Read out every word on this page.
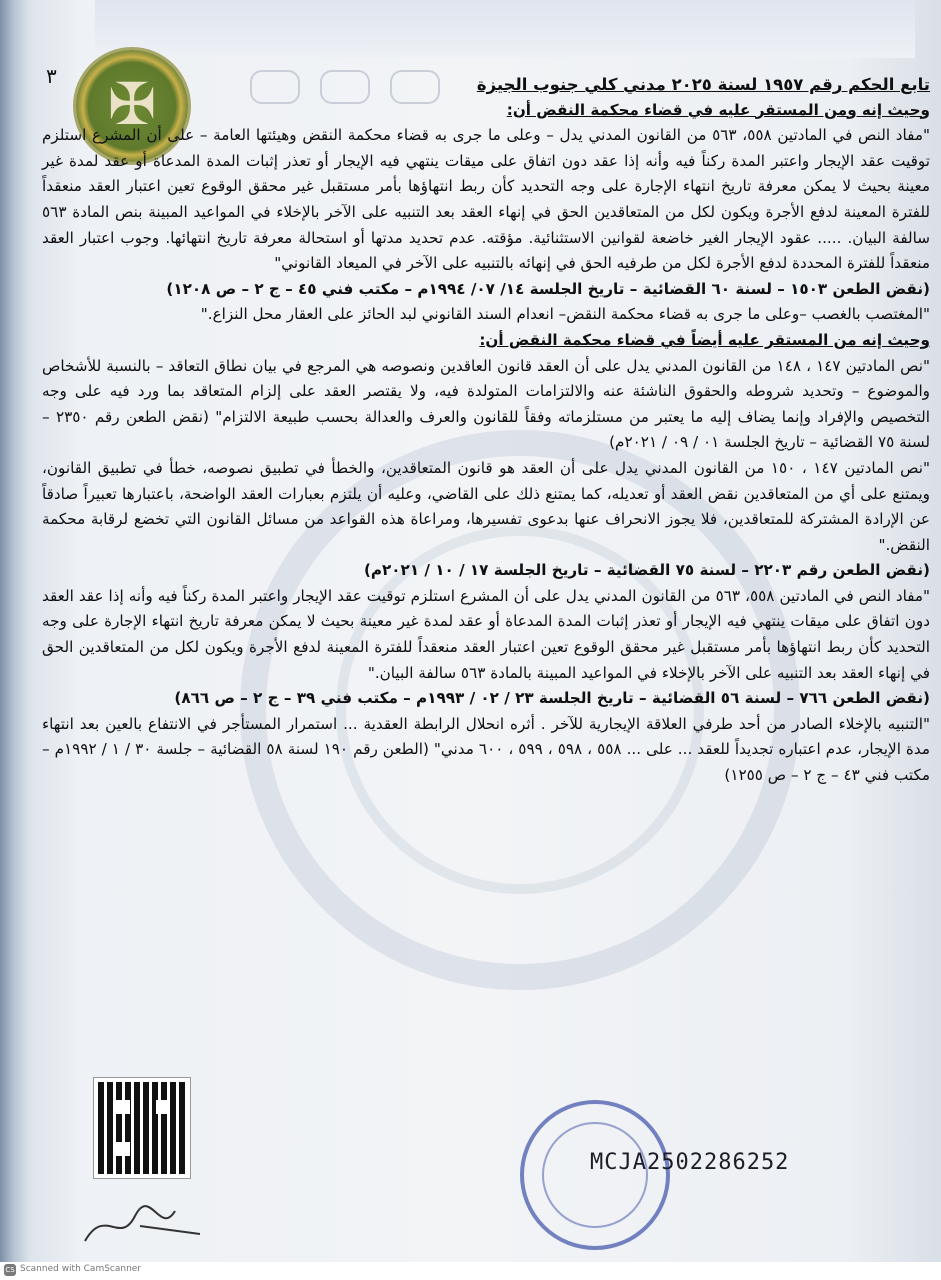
✠
٣	تابع الحكم رقم ١٩٥٧ لسنة ٢٠٢٥ مدني كلي جنوب الجيزة

وحيث إنه ومن المستقر عليه في قضاء محكمة النقض أن:

"مفاد النص في المادتين ٥٥٨، ٥٦٣ من القانون المدني يدل – وعلى ما جرى به قضاء محكمة النقض وهيئتها العامة – على أن المشرع استلزم توقيت عقد الإيجار واعتبر المدة ركناً فيه وأنه إذا عقد دون اتفاق على ميقات ينتهي فيه الإيجار أو تعذر إثبات المدة المدعاة أو عقد لمدة غير معينة بحيث لا يمكن معرفة تاريخ انتهاء الإجارة على وجه التحديد كأن ربط انتهاؤها بأمر مستقبل غير محقق الوقوع تعين اعتبار العقد منعقداً للفترة المعينة لدفع الأجرة ويكون لكل من المتعاقدين الحق في إنهاء العقد بعد التنبيه على الآخر بالإخلاء في المواعيد المبينة بنص المادة ٥٦٣ سالفة البيان. ..... عقود الإيجار الغير خاضعة لقوانين الاستثنائية. مؤقته. عدم تحديد مدتها أو استحالة معرفة تاريخ انتهائها. وجوب اعتبار العقد منعقداً للفترة المحددة لدفع الأجرة لكل من طرفيه الحق في إنهائه بالتنبيه على الآخر في الميعاد القانوني"

(نقض الطعن ١٥٠٣ – لسنة ٦٠ القضائية – تاريخ الجلسة ١٤/ ٠٧/ ١٩٩٤م – مكتب فني ٤٥ – ج ٢ – ص ١٢٠٨)

"المغتصب بالغصب –وعلى ما جرى به قضاء محكمة النقض– انعدام السند القانوني لبد الحائز على العقار محل النزاع."

وحيث إنه من المستقر عليه أيضاً في قضاء محكمة النقض أن:

"نص المادتين ١٤٧ ، ١٤٨ من القانون المدني يدل على أن العقد قانون العاقدين ونصوصه هي المرجع في بيان نطاق التعاقد – بالنسبة للأشخاص والموضوع – وتحديد شروطه والحقوق الناشئة عنه والالتزامات المتولدة فيه، ولا يقتصر العقد على إلزام المتعاقد بما ورد فيه على وجه التخصيص والإفراد وإنما يضاف إليه ما يعتبر من مستلزماته وفقاً للقانون والعرف والعدالة بحسب طبيعة الالتزام" (نقض الطعن رقم ٢٣٥٠ – لسنة ٧٥ القضائية – تاريخ الجلسة ٠١ / ٠٩ / ٢٠٢١م)

"نص المادتين ١٤٧ ، ١٥٠ من القانون المدني يدل على أن العقد هو قانون المتعاقدين، والخطأ في تطبيق نصوصه، خطأ في تطبيق القانون، ويمتنع على أي من المتعاقدين نقض العقد أو تعديله، كما يمتنع ذلك على القاضي، وعليه أن يلتزم بعبارات العقد الواضحة، باعتبارها تعبيراً صادقاً عن الإرادة المشتركة للمتعاقدين، فلا يجوز الانحراف عنها بدعوى تفسيرها، ومراعاة هذه القواعد من مسائل القانون التي تخضع لرقابة محكمة النقض."

(نقض الطعن رقم ٢٢٠٣ – لسنة ٧٥ القضائية – تاريخ الجلسة ١٧ / ١٠ / ٢٠٢١م)

"مفاد النص في المادتين ٥٥٨، ٥٦٣ من القانون المدني يدل على أن المشرع استلزم توقيت عقد الإيجار واعتبر المدة ركناً فيه وأنه إذا عقد العقد دون اتفاق على ميقات ينتهي فيه الإيجار أو تعذر إثبات المدة المدعاة أو عقد لمدة غير معينة بحيث لا يمكن معرفة تاريخ انتهاء الإجارة على وجه التحديد كأن ربط انتهاؤها بأمر مستقبل غير محقق الوقوع تعين اعتبار العقد منعقداً للفترة المعينة لدفع الأجرة ويكون لكل من المتعاقدين الحق في إنهاء العقد بعد التنبيه على الآخر بالإخلاء في المواعيد المبينة بالمادة ٥٦٣ سالفة البيان."

(نقض الطعن ٧٦٦ – لسنة ٥٦ القضائية – تاريخ الجلسة ٢٣ / ٠٢ / ١٩٩٣م – مكتب فني ٣٩ – ج ٢ – ص ٨٦٦)

"التنبيه بالإخلاء الصادر من أحد طرفي العلاقة الإيجارية للآخر . أثره انحلال الرابطة العقدية ... استمرار المستأجر في الانتفاع بالعين بعد انتهاء مدة الإيجار، عدم اعتباره تجديداً للعقد ... على ... ٥٥٨ ، ٥٩٨ ، ٥٩٩ ، ٦٠٠ مدني" (الطعن رقم ١٩٠ لسنة ٥٨ القضائية – جلسة ٣٠ / ١ / ١٩٩٢م – مكتب فني ٤٣ – ج ٢ – ص ١٢٥٥)

MCJA2502286252
CS Scanned with CamScanner
